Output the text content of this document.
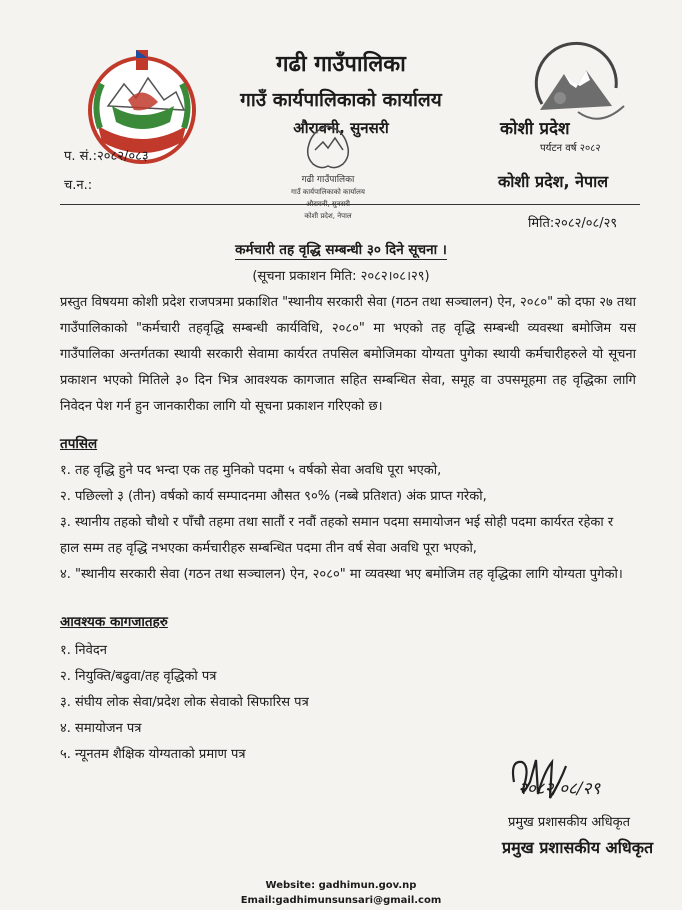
कोशी प्रदेश
पर्यटन वर्ष २०८२
गढी गाउँपालिका
गाउँ कार्यपालिकाको कार्यालय
औरावनी, सुनसरी
गढी गाउँपालिका
गाउँ कार्यपालिकाको कार्यालय
औरावनी, सुनसरी
कोशी प्रदेश, नेपाल
प. सं.:२०८२/०८३
च.न.:	कोशी प्रदेश, नेपाल
मिति:२०८२/०८/२९
कर्मचारी तह वृद्धि सम्बन्धी ३० दिने सूचना ।
(सूचना प्रकाशन मिति: २०८२।०८।२९)
प्रस्तुत विषयमा कोशी प्रदेश राजपत्रमा प्रकाशित "स्थानीय सरकारी सेवा (गठन तथा सञ्चालन) ऐन, २०८०" को दफा २७ तथा गाउँपालिकाको "कर्मचारी तहवृद्धि सम्बन्धी कार्यविधि, २०८०" मा भएको तह वृद्धि सम्बन्धी व्यवस्था बमोजिम यस गाउँपालिका अन्तर्गतका स्थायी सरकारी सेवामा कार्यरत तपसिल बमोजिमका योग्यता पुगेका स्थायी कर्मचारीहरुले यो सूचना प्रकाशन भएको मितिले ३० दिन भित्र आवश्यक कागजात सहित सम्बन्धित सेवा, समूह वा उपसमूहमा तह वृद्धिका लागि निवेदन पेश गर्न हुन जानकारीका लागि यो सूचना प्रकाशन गरिएको छ।
तपसिल
१. तह वृद्धि हुने पद भन्दा एक तह मुनिको पदमा ५ वर्षको सेवा अवधि पूरा भएको,
२. पछिल्लो ३ (तीन) वर्षको कार्य सम्पादनमा औसत ९०% (नब्बे प्रतिशत) अंक प्राप्त गरेको,
३. स्थानीय तहको चौथो र पाँचौ तहमा तथा सातौं र नवौं तहको समान पदमा समायोजन भई सोही पदमा कार्यरत रहेका र हाल सम्म तह वृद्धि नभएका कर्मचारीहरु सम्बन्धित पदमा तीन वर्ष सेवा अवधि पूरा भएको,
४. "स्थानीय सरकारी सेवा (गठन तथा सञ्चालन) ऐन, २०८०" मा व्यवस्था भए बमोजिम तह वृद्धिका लागि योग्यता पुगेको।
आवश्यक कागजातहरु
१. निवेदन
२. नियुक्ति/बढुवा/तह वृद्धिको पत्र
३. संघीय लोक सेवा/प्रदेश लोक सेवाको सिफारिस पत्र
४. समायोजन पत्र
५. न्यूनतम शैक्षिक योग्यताको प्रमाण पत्र
२०८२/०८/२९
प्रमुख प्रशासकीय अधिकृत
प्रमुख प्रशासकीय अधिकृत
Website: gadhimun.gov.np
Email:gadhimunsunsari@gmail.com
